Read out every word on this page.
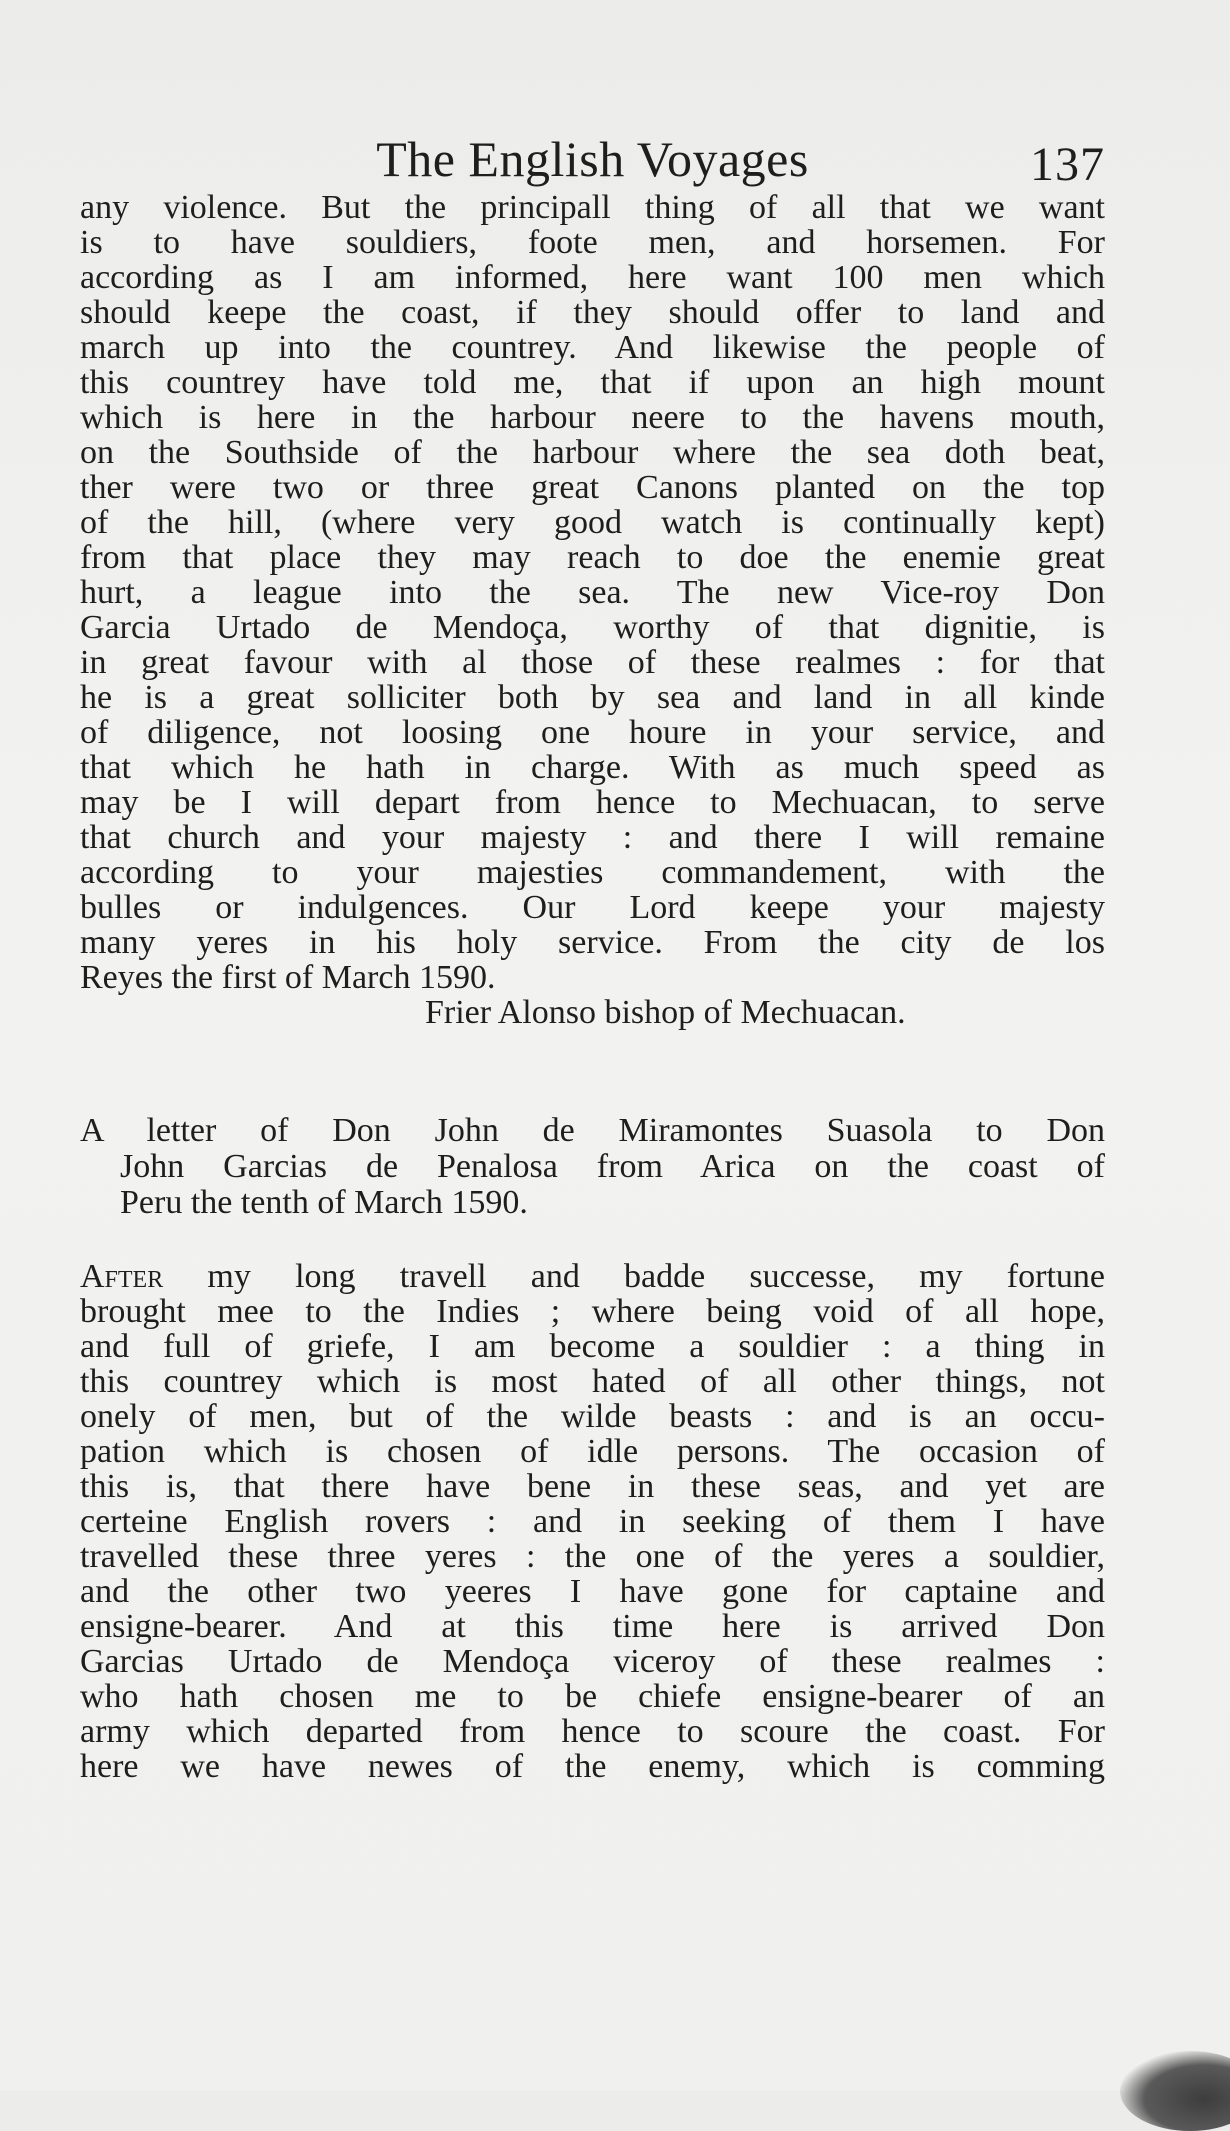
The English Voyages	137
any violence. But the principall thing of all that we want
is to have souldiers, foote men, and horsemen. For
according as I am informed, here want 100 men which
should keepe the coast, if they should offer to land and
march up into the countrey. And likewise the people of
this countrey have told me, that if upon an high mount
which is here in the harbour neere to the havens mouth,
on the Southside of the harbour where the sea doth beat,
ther were two or three great Canons planted on the top
of the hill, (where very good watch is continually kept)
from that place they may reach to doe the enemie great
hurt, a league into the sea. The new Vice-roy Don
Garcia Urtado de Mendoça, worthy of that dignitie, is
in great favour with al those of these realmes : for that
he is a great solliciter both by sea and land in all kinde
of diligence, not loosing one houre in your service, and
that which he hath in charge. With as much speed as
may be I will depart from hence to Mechuacan, to serve
that church and your majesty : and there I will remaine
according to your majesties commandement, with the
bulles or indulgences. Our Lord keepe your majesty
many yeres in his holy service. From the city de los
Reyes the first of March 1590.
Frier Alonso bishop of Mechuacan.
A letter of Don John de Miramontes Suasola to Don
John Garcias de Penalosa from Arica on the coast of
Peru the tenth of March 1590.
After my long travell and badde successe, my fortune
brought mee to the Indies ; where being void of all hope,
and full of griefe, I am become a souldier : a thing in
this countrey which is most hated of all other things, not
onely of men, but of the wilde beasts : and is an occu-
pation which is chosen of idle persons. The occasion of
this is, that there have bene in these seas, and yet are
certeine English rovers : and in seeking of them I have
travelled these three yeres : the one of the yeres a souldier,
and the other two yeeres I have gone for captaine and
ensigne-bearer. And at this time here is arrived Don
Garcias Urtado de Mendoça viceroy of these realmes :
who hath chosen me to be chiefe ensigne-bearer of an
army which departed from hence to scoure the coast. For
here we have newes of the enemy, which is comming
